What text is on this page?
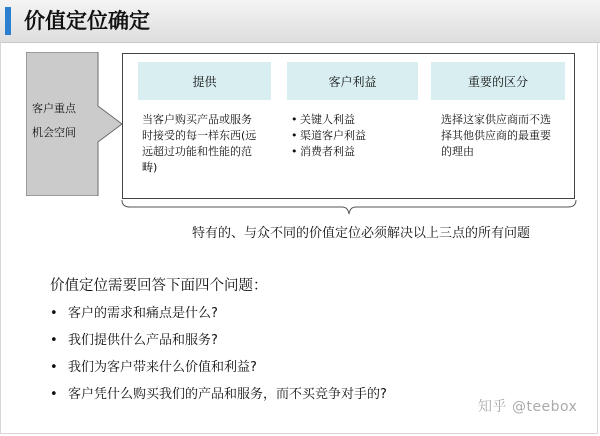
价值定位确定
客户重点
机会空间
提供	客户利益	重要的区分
当客户购买产品或服务
时接受的每一样东西(远
远超过功能和性能的范
畴)
• 关键人利益
• 渠道客户利益
• 消费者利益
选择这家供应商而不选
择其他供应商的最重要
的理由
特有的、与众不同的价值定位必须解决以上三点的所有问题
价值定位需要回答下面四个问题：
• 客户的需求和痛点是什么?
• 我们提供什么产品和服务?
• 我们为客户带来什么价值和利益?
• 客户凭什么购买我们的产品和服务，而不买竞争对手的?
知乎 @teebox
